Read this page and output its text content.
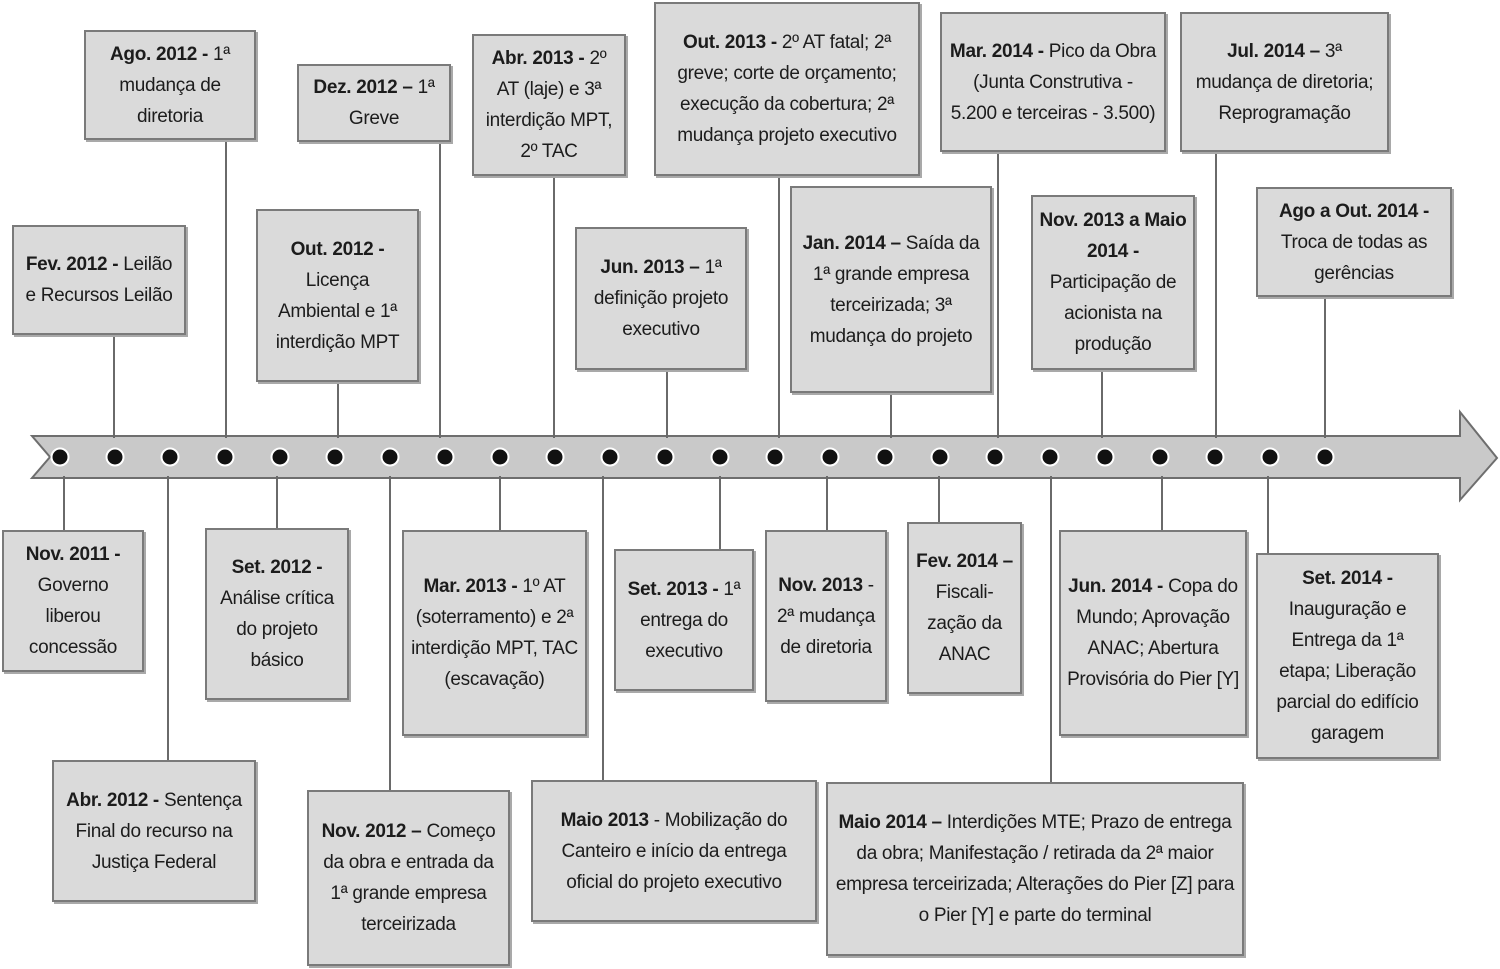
Fev. 2012 - Leilão e Recursos Leilão
Ago. 2012 - 1ª mudança de diretoria
Out. 2012 - Licença Ambiental e 1ª interdição MPT
Dez. 2012 – 1ª Greve
Abr. 2013 - 2º AT (laje) e 3ª interdição MPT, 2º TAC
Jun. 2013 – 1ª definição projeto executivo
Out. 2013 - 2º AT fatal; 2ª greve; corte de orçamento; execução da cobertura; 2ª mudança projeto executivo
Jan. 2014 – Saída da 1ª grande empresa terceirizada; 3ª mudança do projeto
Mar. 2014 - Pico da Obra (Junta Construtiva - 5.200 e terceiras - 3.500)
Nov. 2013 a Maio 2014 - Participação de acionista na produção
Jul. 2014 – 3ª mudança de diretoria; Reprogramação
Ago a Out. 2014 - Troca de todas as gerências
Nov. 2011 - Governo liberou concessão
Abr. 2012 - Sentença Final do recurso na Justiça Federal
Set. 2012 - Análise crítica do projeto básico
Nov. 2012 – Começo da obra e entrada da 1ª grande empresa terceirizada
Mar. 2013 - 1º AT (soterramento) e 2ª interdição MPT, TAC (escavação)
Maio 2013 - Mobilização do Canteiro e início da entrega oficial do projeto executivo
Set. 2013 - 1ª entrega do executivo
Nov. 2013 - 2ª mudança de diretoria
Fev. 2014 – Fiscali-zação da ANAC
Maio 2014 – Interdições MTE; Prazo de entrega da obra; Manifestação / retirada da 2ª maior empresa terceirizada; Alterações do Pier [Z] para o Pier [Y] e parte do terminal
Jun. 2014 - Copa do Mundo; Aprovação ANAC; Abertura Provisória do Pier [Y]
Set. 2014 - Inauguração e Entrega da 1ª etapa; Liberação parcial do edifício garagem
